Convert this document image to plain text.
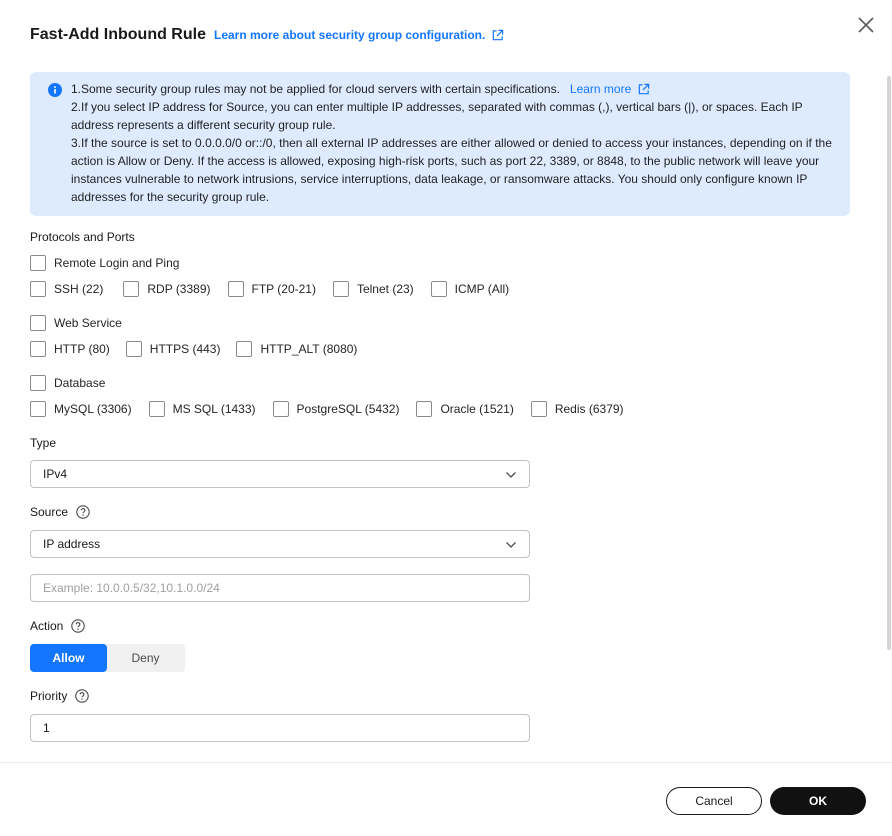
Fast-Add Inbound Rule Learn more about security group configuration.
1.Some security group rules may not be applied for cloud servers with certain specifications. Learn more
2.If you select IP address for Source, you can enter multiple IP addresses, separated with commas (,), vertical bars (|), or spaces. Each IP address represents a different security group rule.
3.If the source is set to 0.0.0.0/0 or::/0, then all external IP addresses are either allowed or denied to access your instances, depending on if the action is Allow or Deny. If the access is allowed, exposing high-risk ports, such as port 22, 3389, or 8848, to the public network will leave your instances vulnerable to network intrusions, service interruptions, data leakage, or ransomware attacks. You should only configure known IP addresses for the security group rule.
Protocols and Ports
Remote Login and Ping
SSH (22)	RDP (3389)	FTP (20-21)	Telnet (23)	ICMP (All)
Web Service
HTTP (80)	HTTPS (443)	HTTP_ALT (8080)
Database
MySQL (3306)	MS SQL (1433)	PostgreSQL (5432)	Oracle (1521)	Redis (6379)
Type
IPv4
Source
IP address
Example: 10.0.0.5/32,10.1.0.0/24
Action
Allow	Deny
Priority
1
Cancel	OK
